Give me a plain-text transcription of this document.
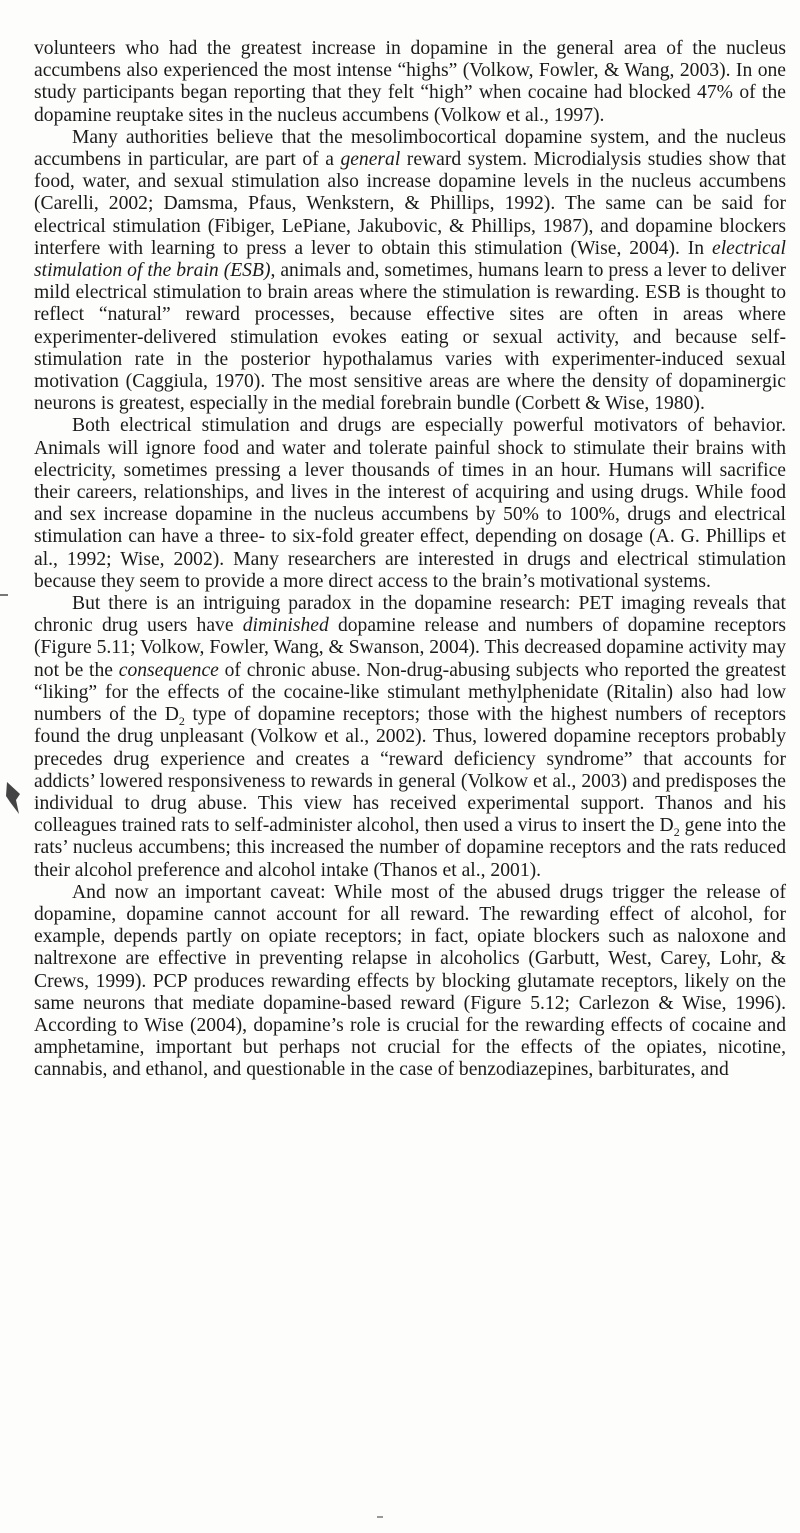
volunteers who had the greatest increase in dopamine in the general area of the nucleus accumbens also experienced the most intense “highs” (Volkow, Fowler, & Wang, 2003). In one study participants began reporting that they felt “high” when cocaine had blocked 47% of the dopamine reuptake sites in the nucleus accumbens (Volkow et al., 1997).

Many authorities believe that the mesolimbocortical dopamine system, and the nucleus accumbens in particular, are part of a general reward system. Microdialysis studies show that food, water, and sexual stimulation also increase dopamine levels in the nucleus accumbens (Carelli, 2002; Damsma, Pfaus, Wenkstern, & Phillips, 1992). The same can be said for electrical stimulation (Fibiger, LePiane, Jakubovic, & Phillips, 1987), and dopamine blockers interfere with learning to press a lever to obtain this stimulation (Wise, 2004). In electrical stimulation of the brain (ESB), animals and, sometimes, humans learn to press a lever to deliver mild electrical stimulation to brain areas where the stimulation is rewarding. ESB is thought to reflect “natural” reward processes, because effective sites are often in areas where experimenter-delivered stimulation evokes eating or sexual activity, and because self-stimulation rate in the posterior hypothalamus varies with experimenter-induced sexual motivation (Caggiula, 1970). The most sensitive areas are where the density of dopaminergic neurons is greatest, especially in the medial forebrain bundle (Corbett & Wise, 1980).

Both electrical stimulation and drugs are especially powerful motivators of behavior. Animals will ignore food and water and tolerate painful shock to stimulate their brains with electricity, sometimes pressing a lever thousands of times in an hour. Humans will sacrifice their careers, relationships, and lives in the interest of acquiring and using drugs. While food and sex increase dopamine in the nucleus accumbens by 50% to 100%, drugs and electrical stimulation can have a three- to six-fold greater effect, depending on dosage (A. G. Phillips et al., 1992; Wise, 2002). Many researchers are interested in drugs and electrical stimulation because they seem to provide a more direct access to the brain’s motivational systems.

But there is an intriguing paradox in the dopamine research: PET imaging reveals that chronic drug users have diminished dopamine release and numbers of dopamine receptors (Figure 5.11; Volkow, Fowler, Wang, & Swanson, 2004). This decreased dopamine activity may not be the consequence of chronic abuse. Non-drug-abusing subjects who reported the greatest “liking” for the effects of the cocaine-like stimulant methylphenidate (Ritalin) also had low numbers of the $D_2$ type of dopamine receptors; those with the highest numbers of receptors found the drug unpleasant (Volkow et al., 2002). Thus, lowered dopamine receptors probably precedes drug experience and creates a “reward deficiency syndrome” that accounts for addicts’ lowered responsiveness to rewards in general (Volkow et al., 2003) and predisposes the individual to drug abuse. This view has received experimental support. Thanos and his colleagues trained rats to self-administer alcohol, then used a virus to insert the $D_2$ gene into the rats’ nucleus accumbens; this increased the number of dopamine receptors and the rats reduced their alcohol preference and alcohol intake (Thanos et al., 2001).

And now an important caveat: While most of the abused drugs trigger the release of dopamine, dopamine cannot account for all reward. The rewarding effect of alcohol, for example, depends partly on opiate receptors; in fact, opiate blockers such as naloxone and naltrexone are effective in preventing relapse in alcoholics (Garbutt, West, Carey, Lohr, & Crews, 1999). PCP produces rewarding effects by blocking glutamate receptors, likely on the same neurons that mediate dopamine-based reward (Figure 5.12; Carlezon & Wise, 1996). According to Wise (2004), dopamine’s role is crucial for the rewarding effects of cocaine and amphetamine, important but perhaps not crucial for the effects of the opiates, nicotine, cannabis, and ethanol, and questionable in the case of benzodiazepines, barbiturates, and
